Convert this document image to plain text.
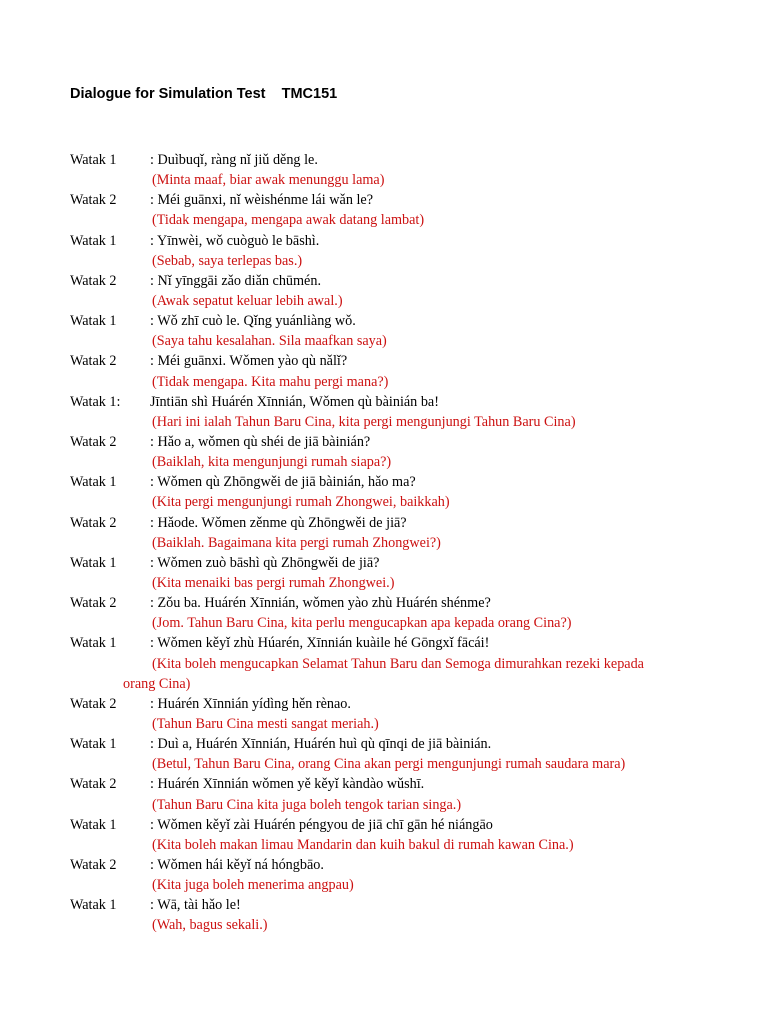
Dialogue for Simulation Test    TMC151
Watak 1 : Duìbuqǐ, ràng nǐ jiǔ děng le.
(Minta maaf, biar awak menunggu lama)
Watak 2 : Méi guānxi, nǐ wèishénme lái wǎn le?
(Tidak mengapa, mengapa awak datang lambat)
Watak 1 : Yīnwèi, wǒ cuòguò le bāshì.
(Sebab, saya terlepas bas.)
Watak 2 : Nǐ yīnggāi zǎo diǎn chūmén.
(Awak sepatut keluar lebih awal.)
Watak 1 : Wǒ zhī cuò le. Qǐng yuánliàng wǒ.
(Saya tahu kesalahan. Sila maafkan saya)
Watak 2 : Méi guānxi. Wǒmen yào qù nǎlǐ?
(Tidak mengapa. Kita mahu pergi mana?)
Watak 1: Jīntiān shì Huárén Xīnnián, Wǒmen qù bàinián ba!
(Hari ini ialah Tahun Baru Cina, kita pergi mengunjungi Tahun Baru Cina)
Watak 2 : Hǎo a, wǒmen qù shéi de jiā bàinián?
(Baiklah, kita mengunjungi rumah siapa?)
Watak 1 : Wǒmen qù Zhōngwěi de jiā bàinián, hǎo ma?
(Kita pergi mengunjungi rumah Zhongwei, baikkah)
Watak 2 : Hǎode. Wǒmen zěnme qù Zhōngwěi de jiā?
(Baiklah. Bagaimana kita pergi rumah Zhongwei?)
Watak 1 : Wǒmen zuò bāshì qù Zhōngwěi de jiā?
(Kita menaiki bas pergi rumah Zhongwei.)
Watak 2 : Zǒu ba. Huárén Xīnnián, wǒmen yào zhù Huárén shénme?
(Jom. Tahun Baru Cina, kita perlu mengucapkan apa kepada orang Cina?)
Watak 1 : Wǒmen kěyǐ zhù Húarén, Xīnnián kuàile hé Gōngxǐ fācái!
(Kita boleh mengucapkan Selamat Tahun Baru dan Semoga dimurahkan rezeki kepada
orang Cina)
Watak 2 : Huárén Xīnnián yídìng hěn rènao.
(Tahun Baru Cina mesti sangat meriah.)
Watak 1 : Duì a, Huárén Xīnnián, Huárén huì qù qīnqi de jiā bàinián.
(Betul, Tahun Baru Cina, orang Cina akan pergi mengunjungi rumah saudara mara)
Watak 2 : Huárén Xīnnián wǒmen yě kěyǐ kàndào wǔshī.
(Tahun Baru Cina kita juga boleh tengok tarian singa.)
Watak 1 : Wǒmen kěyǐ zài Huárén péngyou de jiā chī gān hé niángāo
(Kita boleh makan limau Mandarin dan kuih bakul di rumah kawan Cina.)
Watak 2 : Wǒmen hái kěyǐ ná hóngbāo.
(Kita juga boleh menerima angpau)
Watak 1 : Wā, tài hǎo le!
(Wah, bagus sekali.)
